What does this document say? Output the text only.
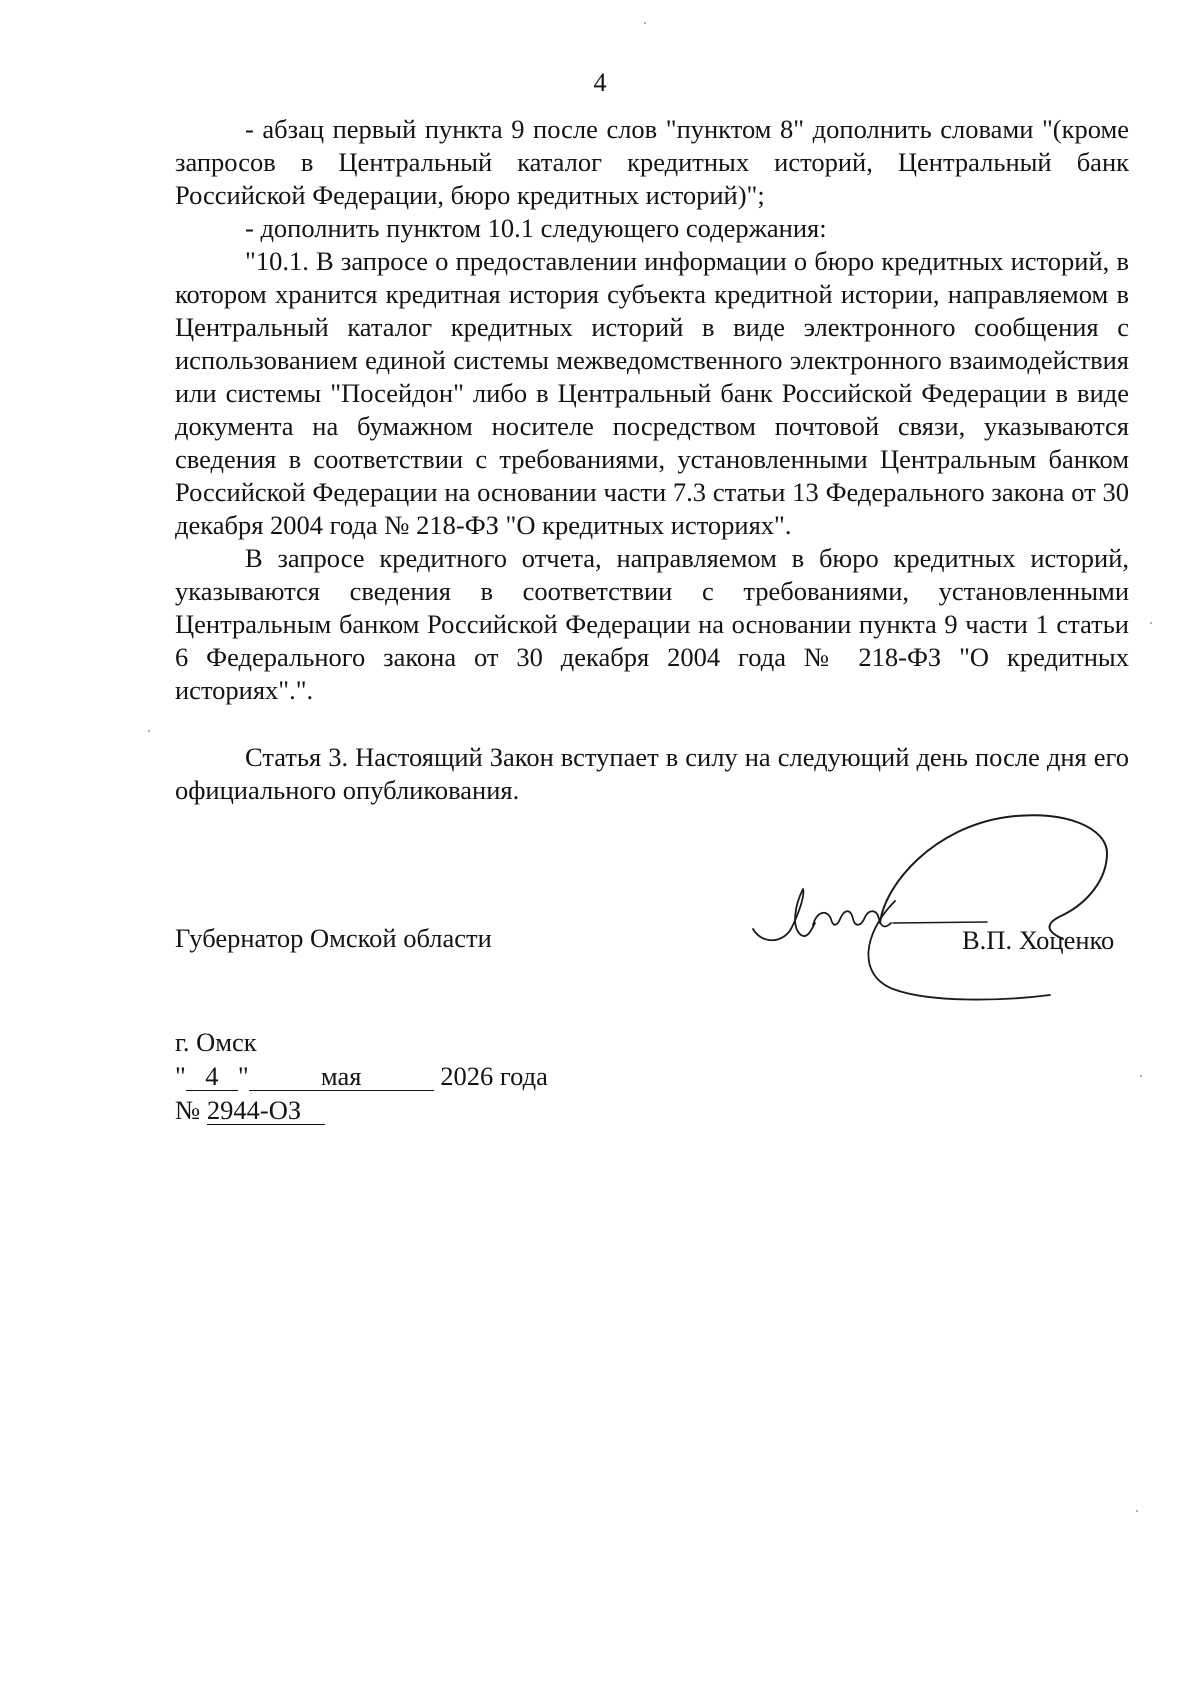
4

- абзац первый пункта 9 после слов "пунктом 8" дополнить словами "(кроме запросов в Центральный каталог кредитных историй, Центральный банк Российской Федерации, бюро кредитных историй)";

- дополнить пунктом 10.1 следующего содержания:

"10.1. В запросе о предоставлении информации о бюро кредитных историй, в котором хранится кредитная история субъекта кредитной истории, направляемом в Центральный каталог кредитных историй в виде электронного сообщения с использованием единой системы межведомственного электронного взаимодействия или системы "Посейдон" либо в Центральный банк Российской Федерации в виде документа на бумажном носителе посредством почтовой связи, указываются сведения в соответствии с требованиями, установленными Центральным банком Российской Федерации на основании части 7.3 статьи 13 Федерального закона от 30 декабря 2004 года № 218-ФЗ "О кредитных историях".

В запросе кредитного отчета, направляемом в бюро кредитных историй, указываются сведения в соответствии с требованиями, установленными Центральным банком Российской Федерации на основании пункта 9 части 1 статьи 6 Федерального закона от 30 декабря 2004 года № 218-ФЗ "О кредитных историях".".

Статья 3. Настоящий Закон вступает в силу на следующий день после дня его официального опубликования.

Губернатор Омской области	В.П. Хоценко
г. Омск
" 4 "	мая	2026 года
№ 2944-ОЗ
